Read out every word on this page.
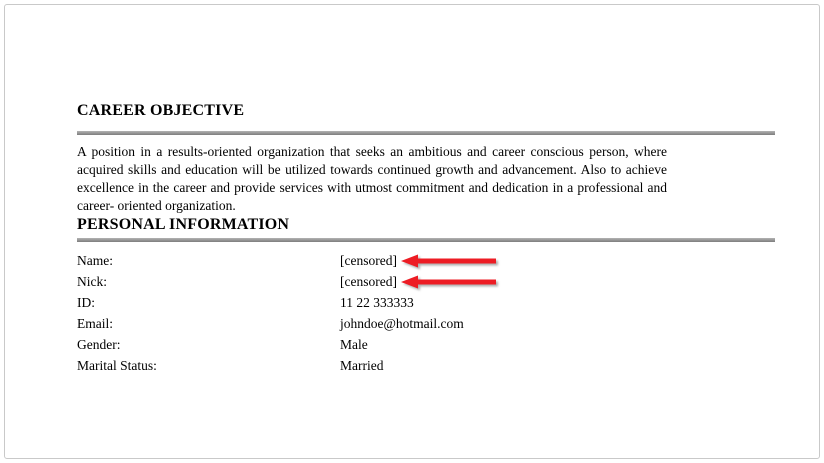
CAREER OBJECTIVE

A position in a results-oriented organization that seeks an ambitious and career conscious person, where acquired skills and education will be utilized towards continued growth and advancement. Also to achieve excellence in the career and provide services with utmost commitment and dedication in a professional and career- oriented organization.

PERSONAL INFORMATION
Name:	[censored]
Nick:	[censored]
ID:	11 22 333333
Email:	johndoe@hotmail.com
Gender:	Male
Marital Status:	Married
